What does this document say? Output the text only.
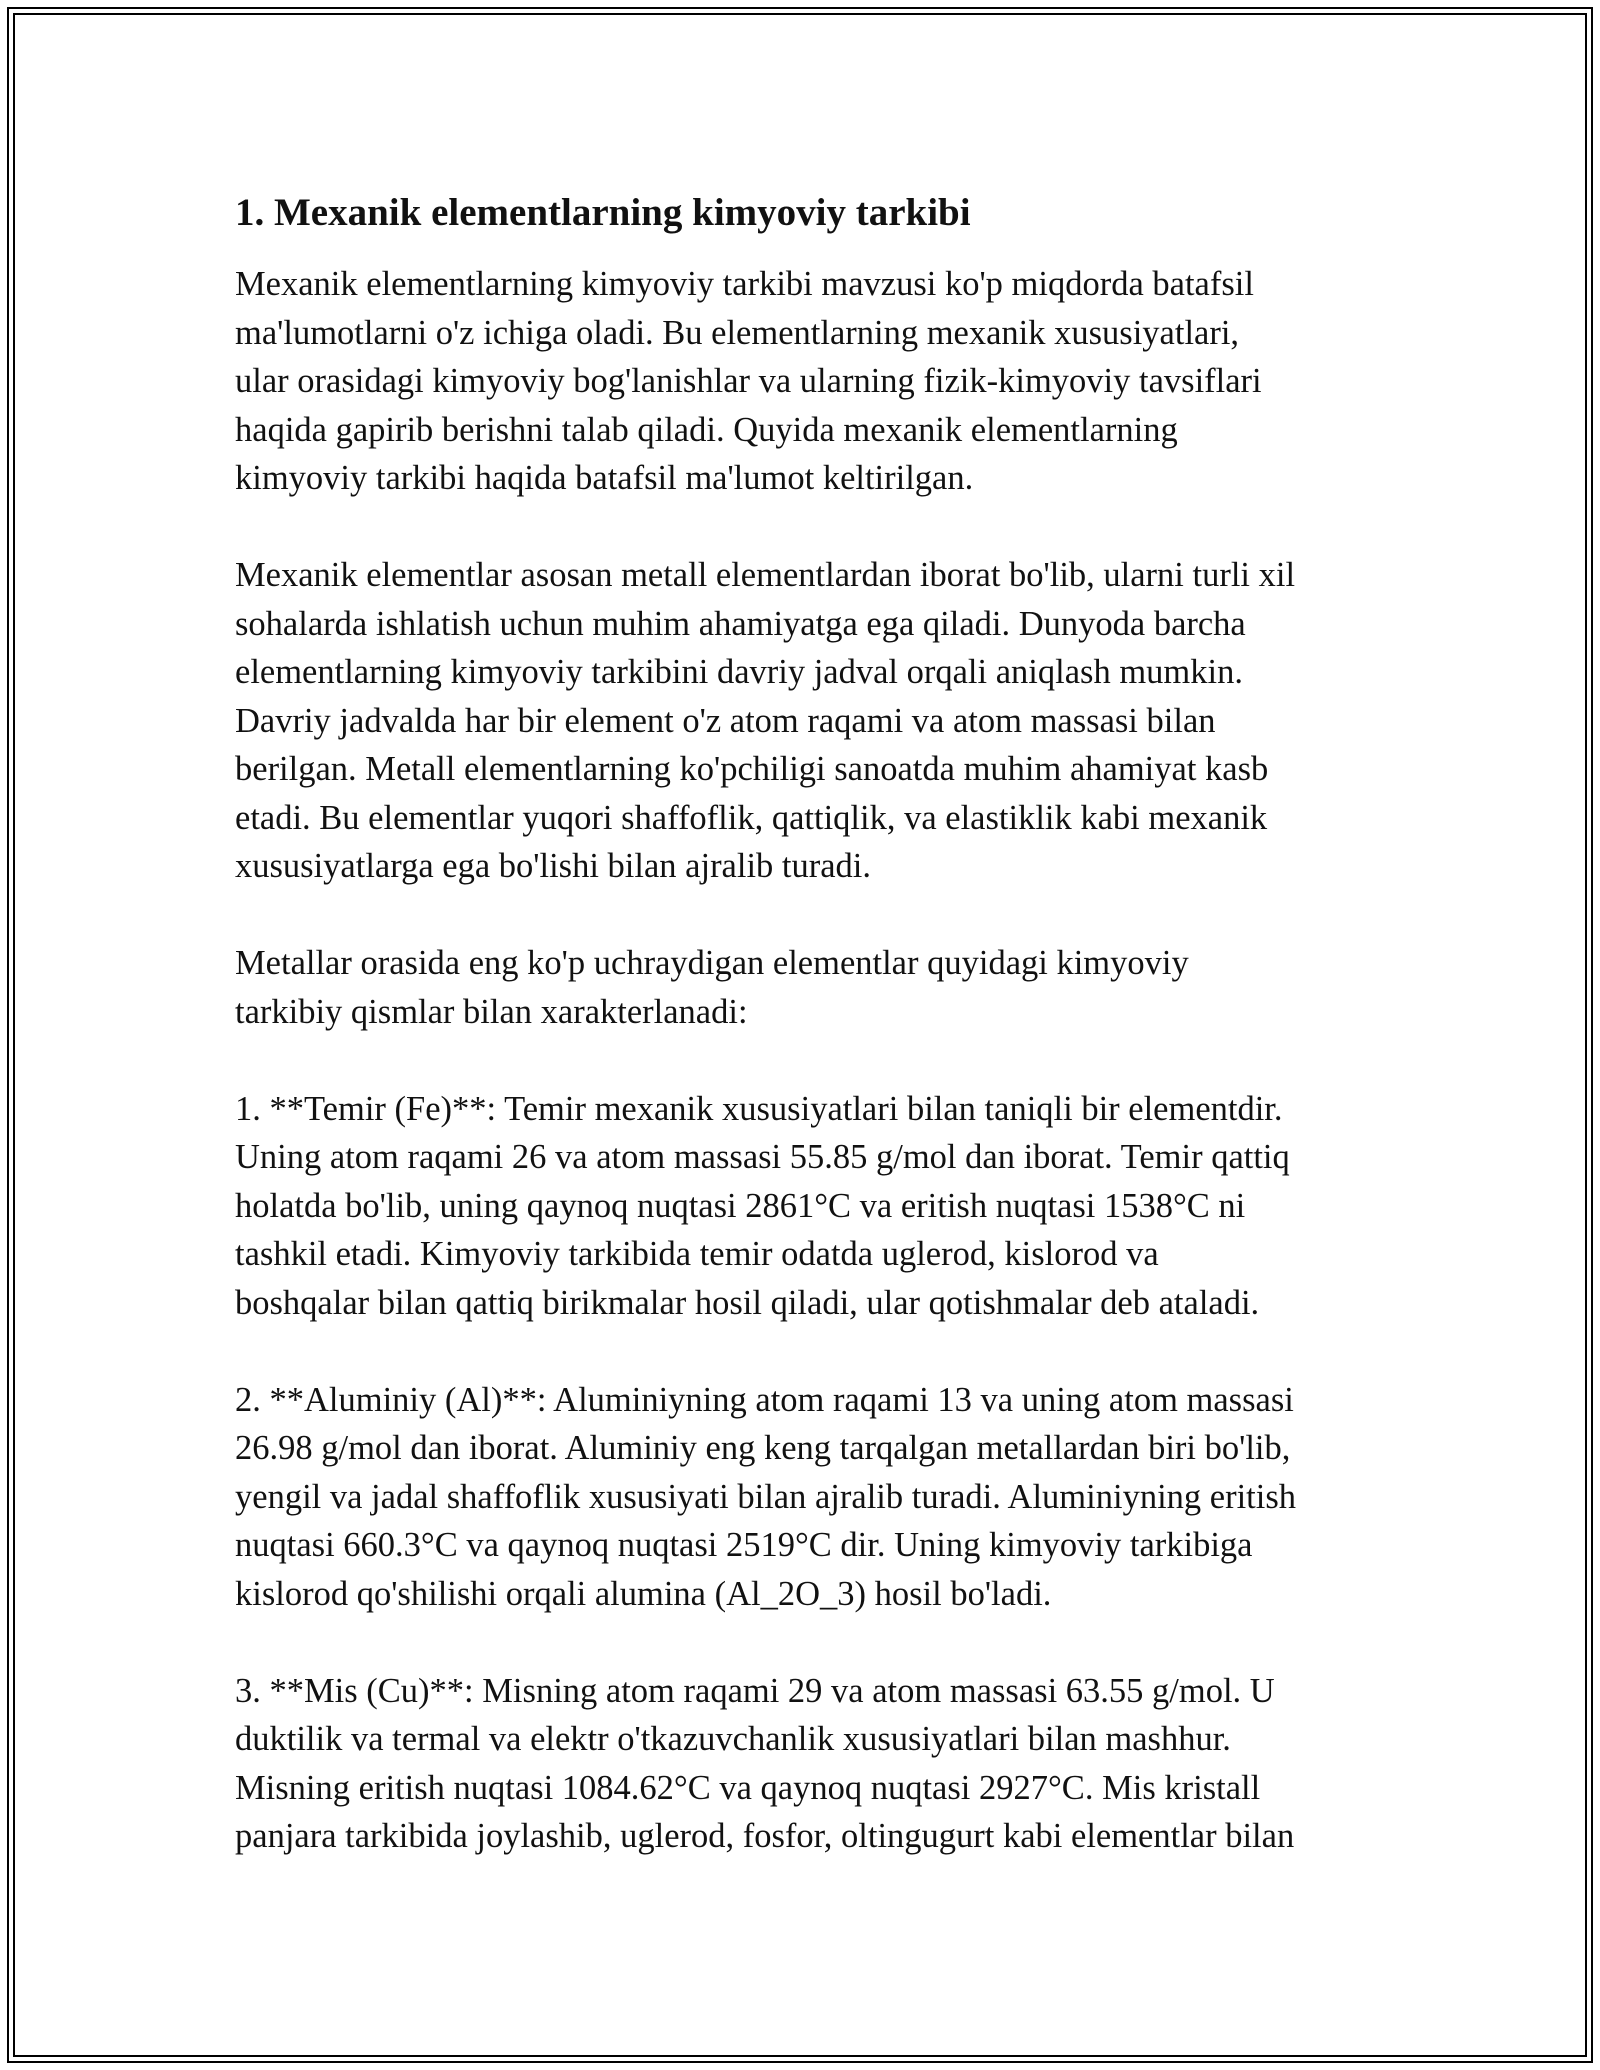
1. Mexanik elementlarning kimyoviy tarkibi

Mexanik elementlarning kimyoviy tarkibi mavzusi ko'p miqdorda batafsil
ma'lumotlarni o'z ichiga oladi. Bu elementlarning mexanik xususiyatlari,
ular orasidagi kimyoviy bog'lanishlar va ularning fizik-kimyoviy tavsiflari
haqida gapirib berishni talab qiladi. Quyida mexanik elementlarning
kimyoviy tarkibi haqida batafsil ma'lumot keltirilgan.

Mexanik elementlar asosan metall elementlardan iborat bo'lib, ularni turli xil
sohalarda ishlatish uchun muhim ahamiyatga ega qiladi. Dunyoda barcha
elementlarning kimyoviy tarkibini davriy jadval orqali aniqlash mumkin.
Davriy jadvalda har bir element o'z atom raqami va atom massasi bilan
berilgan. Metall elementlarning ko'pchiligi sanoatda muhim ahamiyat kasb
etadi. Bu elementlar yuqori shaffoflik, qattiqlik, va elastiklik kabi mexanik
xususiyatlarga ega bo'lishi bilan ajralib turadi.

Metallar orasida eng ko'p uchraydigan elementlar quyidagi kimyoviy
tarkibiy qismlar bilan xarakterlanadi:

1. **Temir (Fe)**: Temir mexanik xususiyatlari bilan taniqli bir elementdir.
Uning atom raqami 26 va atom massasi 55.85 g/mol dan iborat. Temir qattiq
holatda bo'lib, uning qaynoq nuqtasi 2861°C va eritish nuqtasi 1538°C ni
tashkil etadi. Kimyoviy tarkibida temir odatda uglerod, kislorod va
boshqalar bilan qattiq birikmalar hosil qiladi, ular qotishmalar deb ataladi.

2. **Aluminiy (Al)**: Aluminiyning atom raqami 13 va uning atom massasi
26.98 g/mol dan iborat. Aluminiy eng keng tarqalgan metallardan biri bo'lib,
yengil va jadal shaffoflik xususiyati bilan ajralib turadi. Aluminiyning eritish
nuqtasi 660.3°C va qaynoq nuqtasi 2519°C dir. Uning kimyoviy tarkibiga
kislorod qo'shilishi orqali alumina (Al_2O_3) hosil bo'ladi.

3. **Mis (Cu)**: Misning atom raqami 29 va atom massasi 63.55 g/mol. U
duktilik va termal va elektr o'tkazuvchanlik xususiyatlari bilan mashhur.
Misning eritish nuqtasi 1084.62°C va qaynoq nuqtasi 2927°C. Mis kristall
panjara tarkibida joylashib, uglerod, fosfor, oltingugurt kabi elementlar bilan
